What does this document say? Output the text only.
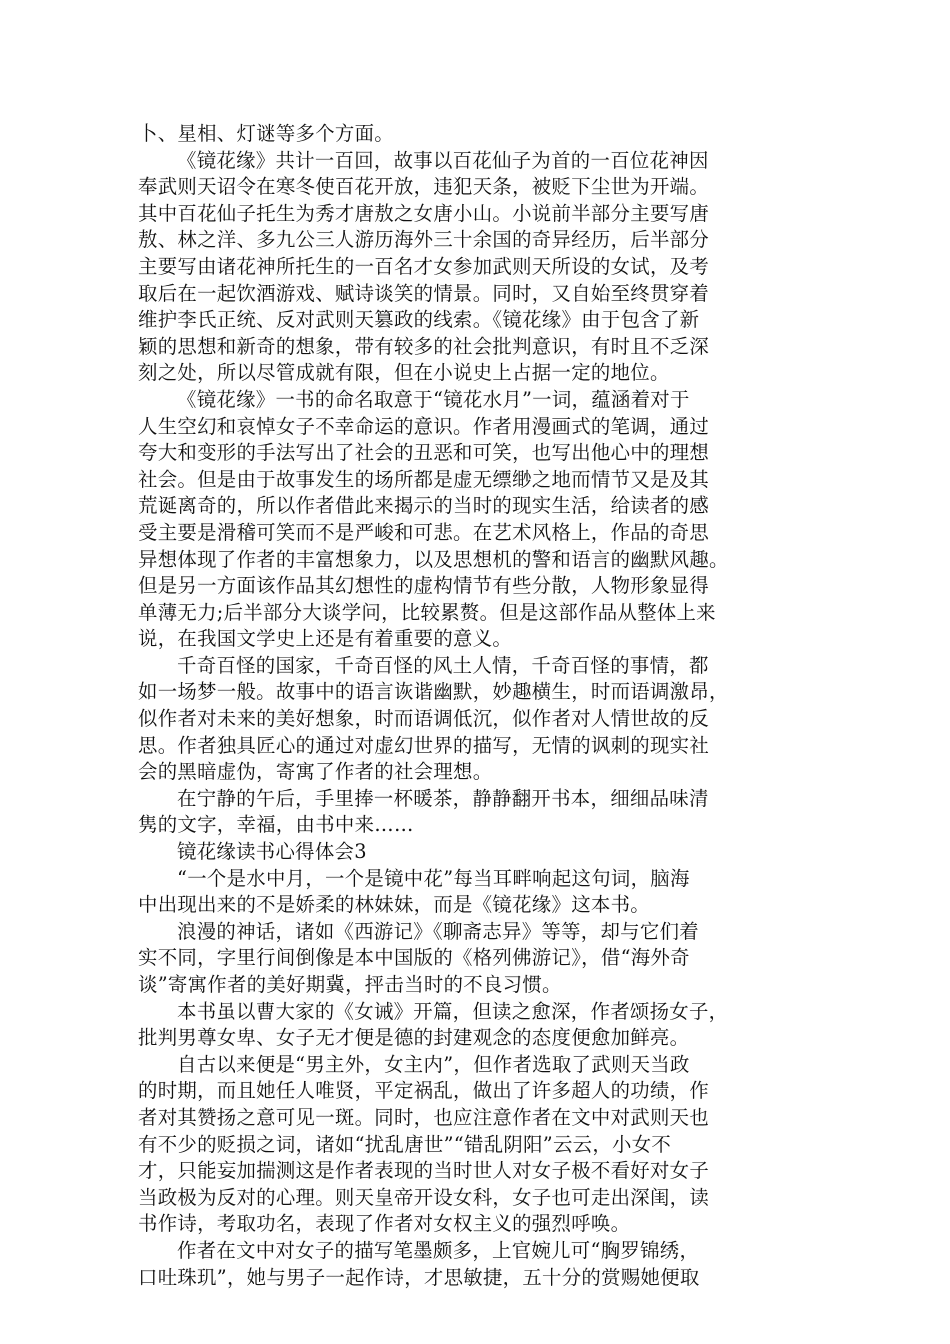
卜、星相、灯谜等多个方面。
《镜花缘》共计一百回，故事以百花仙子为首的一百位花神因
奉武则天诏令在寒冬使百花开放，违犯天条，被贬下尘世为开端。
其中百花仙子托生为秀才唐敖之女唐小山。小说前半部分主要写唐
敖、林之洋、多九公三人游历海外三十余国的奇异经历，后半部分
主要写由诸花神所托生的一百名才女参加武则天所设的女试，及考
取后在一起饮酒游戏、赋诗谈笑的情景。同时，又自始至终贯穿着
维护李氏正统、反对武则天篡政的线索。《镜花缘》由于包含了新
颖的思想和新奇的想象，带有较多的社会批判意识，有时且不乏深
刻之处，所以尽管成就有限，但在小说史上占据一定的地位。
《镜花缘》一书的命名取意于“镜花水月”一词，蕴涵着对于
人生空幻和哀悼女子不幸命运的意识。作者用漫画式的笔调，通过
夸大和变形的手法写出了社会的丑恶和可笑，也写出他心中的理想
社会。但是由于故事发生的场所都是虚无缥缈之地而情节又是及其
荒诞离奇的，所以作者借此来揭示的当时的现实生活，给读者的感
受主要是滑稽可笑而不是严峻和可悲。在艺术风格上，作品的奇思
异想体现了作者的丰富想象力，以及思想机的警和语言的幽默风趣。
但是另一方面该作品其幻想性的虚构情节有些分散，人物形象显得
单薄无力;后半部分大谈学问，比较累赘。但是这部作品从整体上来
说，在我国文学史上还是有着重要的意义。
千奇百怪的国家，千奇百怪的风土人情，千奇百怪的事情，都
如一场梦一般。故事中的语言诙谐幽默，妙趣横生，时而语调激昂，
似作者对未来的美好想象，时而语调低沉，似作者对人情世故的反
思。作者独具匠心的通过对虚幻世界的描写，无情的讽刺的现实社
会的黑暗虚伪，寄寓了作者的社会理想。
在宁静的午后，手里捧一杯暖茶，静静翻开书本，细细品味清
隽的文字，幸福，由书中来……
镜花缘读书心得体会3
“一个是水中月，一个是镜中花”每当耳畔响起这句词，脑海
中出现出来的不是娇柔的林妹妹，而是《镜花缘》这本书。
浪漫的神话，诸如《西游记》《聊斋志异》等等，却与它们着
实不同，字里行间倒像是本中国版的《格列佛游记》，借“海外奇
谈”寄寓作者的美好期冀，抨击当时的不良习惯。
本书虽以曹大家的《女诫》开篇，但读之愈深，作者颂扬女子，
批判男尊女卑、女子无才便是德的封建观念的态度便愈加鲜亮。
自古以来便是“男主外，女主内”，但作者选取了武则天当政
的时期，而且她任人唯贤，平定祸乱，做出了许多超人的功绩，作
者对其赞扬之意可见一斑。同时，也应注意作者在文中对武则天也
有不少的贬损之词，诸如“扰乱唐世”“错乱阴阳”云云，小女不
才，只能妄加揣测这是作者表现的当时世人对女子极不看好对女子
当政极为反对的心理。则天皇帝开设女科，女子也可走出深闺，读
书作诗，考取功名，表现了作者对女权主义的强烈呼唤。
作者在文中对女子的描写笔墨颇多，上官婉儿可“胸罗锦绣，
口吐珠玑”，她与男子一起作诗，才思敏捷，五十分的赏赐她便取
